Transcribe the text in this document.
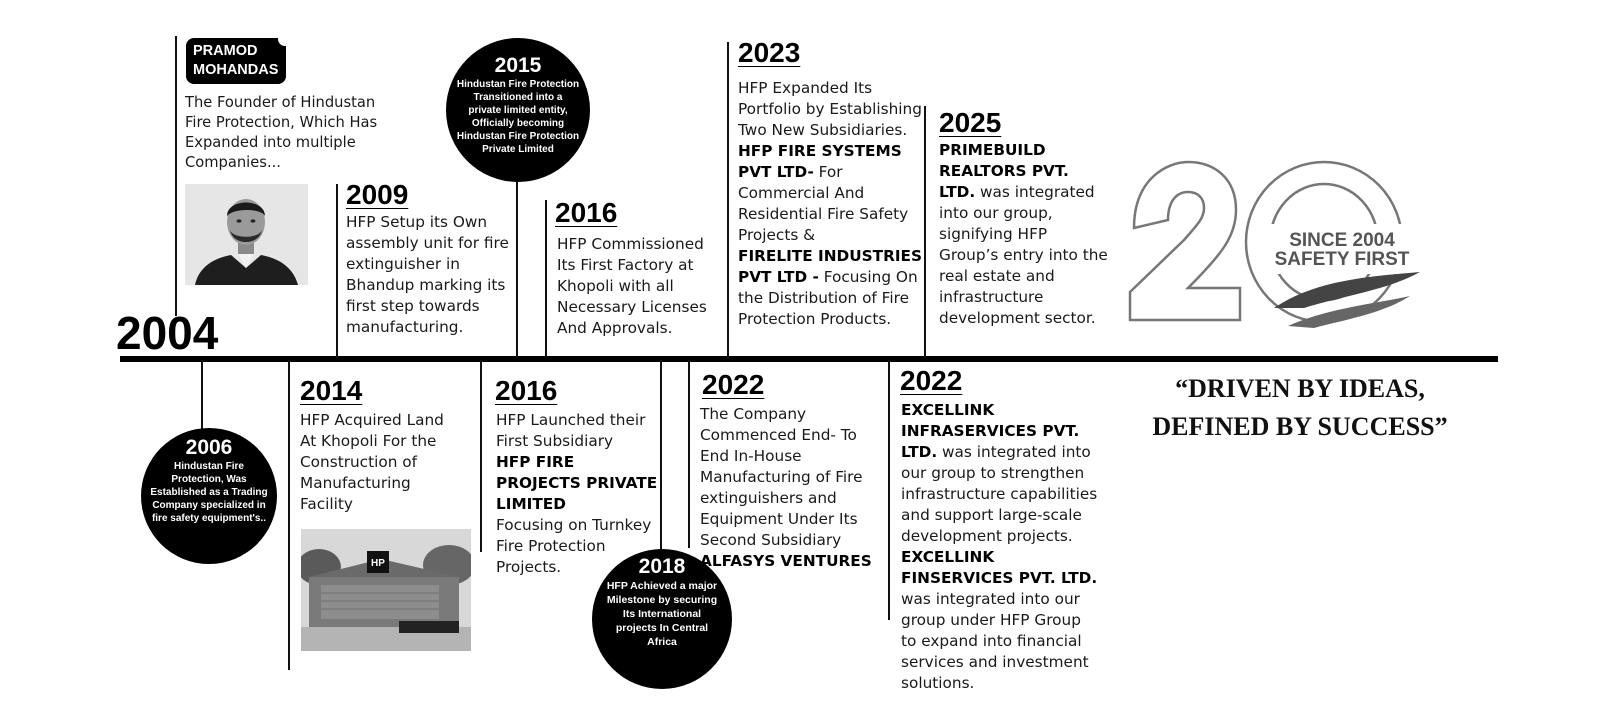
2004
PRAMOD
MOHANDAS
The Founder of Hindustan Fire Protection, Which Has Expanded into multiple Companies...
2009
HFP Setup its Own assembly unit for fire extinguisher in Bhandup marking its first step towards manufacturing.
2015
Hindustan Fire Protection Transitioned into a private limited entity, Officially becoming Hindustan Fire Protection Private Limited
2016
HFP Commissioned Its First Factory at Khopoli with all Necessary Licenses And Approvals.
2023
HFP Expanded Its Portfolio by Establishing Two New Subsidiaries.
HFP FIRE SYSTEMS PVT LTD- For Commercial And Residential Fire Safety Projects &
FIRELITE INDUSTRIES PVT LTD - Focusing On the Distribution of Fire Protection Products.
2025
PRIMEBUILD REALTORS PVT. LTD. was integrated into our group, signifying HFP Group’s entry into the real estate and infrastructure development sector.
2006
Hindustan Fire Protection, Was Established as a Trading Company specialized in fire safety equipment's..
2014
HFP Acquired Land At Khopoli For the Construction of Manufacturing Facility
HP
2016
HFP Launched their First Subsidiary
HFP FIRE PROJECTS PRIVATE LIMITED
Focusing on Turnkey Fire Protection Projects.	2018
HFP Achieved a major Milestone by securing Its International projects In Central Africa
2022
The Company Commenced End- To End In-House Manufacturing of Fire extinguishers and Equipment Under Its Second Subsidiary
ALFASYS VENTURES
2022
EXCELLINK INFRASERVICES PVT. LTD. was integrated into our group to strengthen infrastructure capabilities and support large-scale development projects.
EXCELLINK FINSERVICES PVT. LTD. was integrated into our group under HFP Group to expand into financial services and investment solutions.
SINCE 2004
SAFETY FIRST
“DRIVEN BY IDEAS,
DEFINED BY SUCCESS”
